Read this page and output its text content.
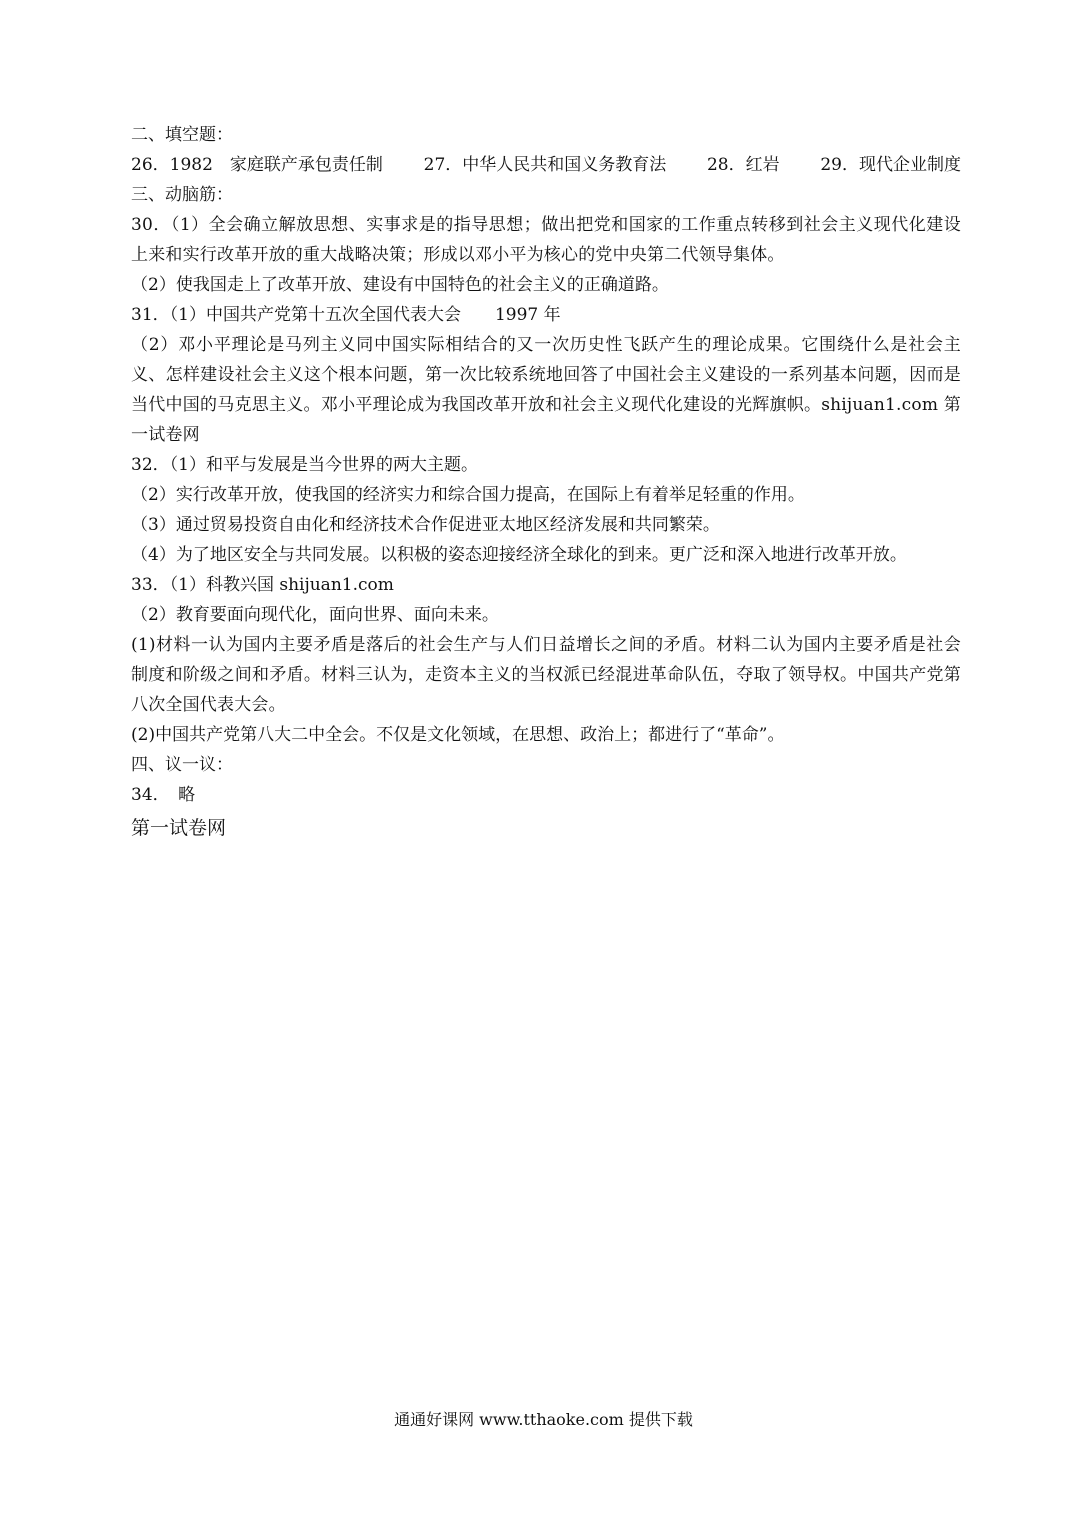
二、填空题：
26．1982　家庭联产承包责任制 27．中华人民共和国义务教育法 28．红岩 29．现代企业制度
三、动脑筋：
30．（1）全会确立解放思想、实事求是的指导思想；做出把党和国家的工作重点转移到社会主义现代化建设上来和实行改革开放的重大战略决策；形成以邓小平为核心的党中央第二代领导集体。
（2）使我国走上了改革开放、建设有中国特色的社会主义的正确道路。
31．（1）中国共产党第十五次全国代表大会　　1997 年
（2）邓小平理论是马列主义同中国实际相结合的又一次历史性飞跃产生的理论成果。它围绕什么是社会主义、怎样建设社会主义这个根本问题，第一次比较系统地回答了中国社会主义建设的一系列基本问题，因而是当代中国的马克思主义。邓小平理论成为我国改革开放和社会主义现代化建设的光辉旗帜。shijuan1.com 第一试卷网
32．（1）和平与发展是当今世界的两大主题。
（2）实行改革开放，使我国的经济实力和综合国力提高，在国际上有着举足轻重的作用。
（3）通过贸易投资自由化和经济技术合作促进亚太地区经济发展和共同繁荣。
（4）为了地区安全与共同发展。以积极的姿态迎接经济全球化的到来。更广泛和深入地进行改革开放。
33．（1）科教兴国 shijuan1.com
（2）教育要面向现代化，面向世界、面向未来。
(1)材料一认为国内主要矛盾是落后的社会生产与人们日益增长之间的矛盾。材料二认为国内主要矛盾是社会制度和阶级之间和矛盾。材料三认为，走资本主义的当权派已经混进革命队伍，夺取了领导权。中国共产党第八次全国代表大会。
(2)中国共产党第八大二中全会。不仅是文化领域，在思想、政治上；都进行了“革命”。
四、议一议：
34．　略
第一试卷网
通通好课网 www.tthaoke.com 提供下载
